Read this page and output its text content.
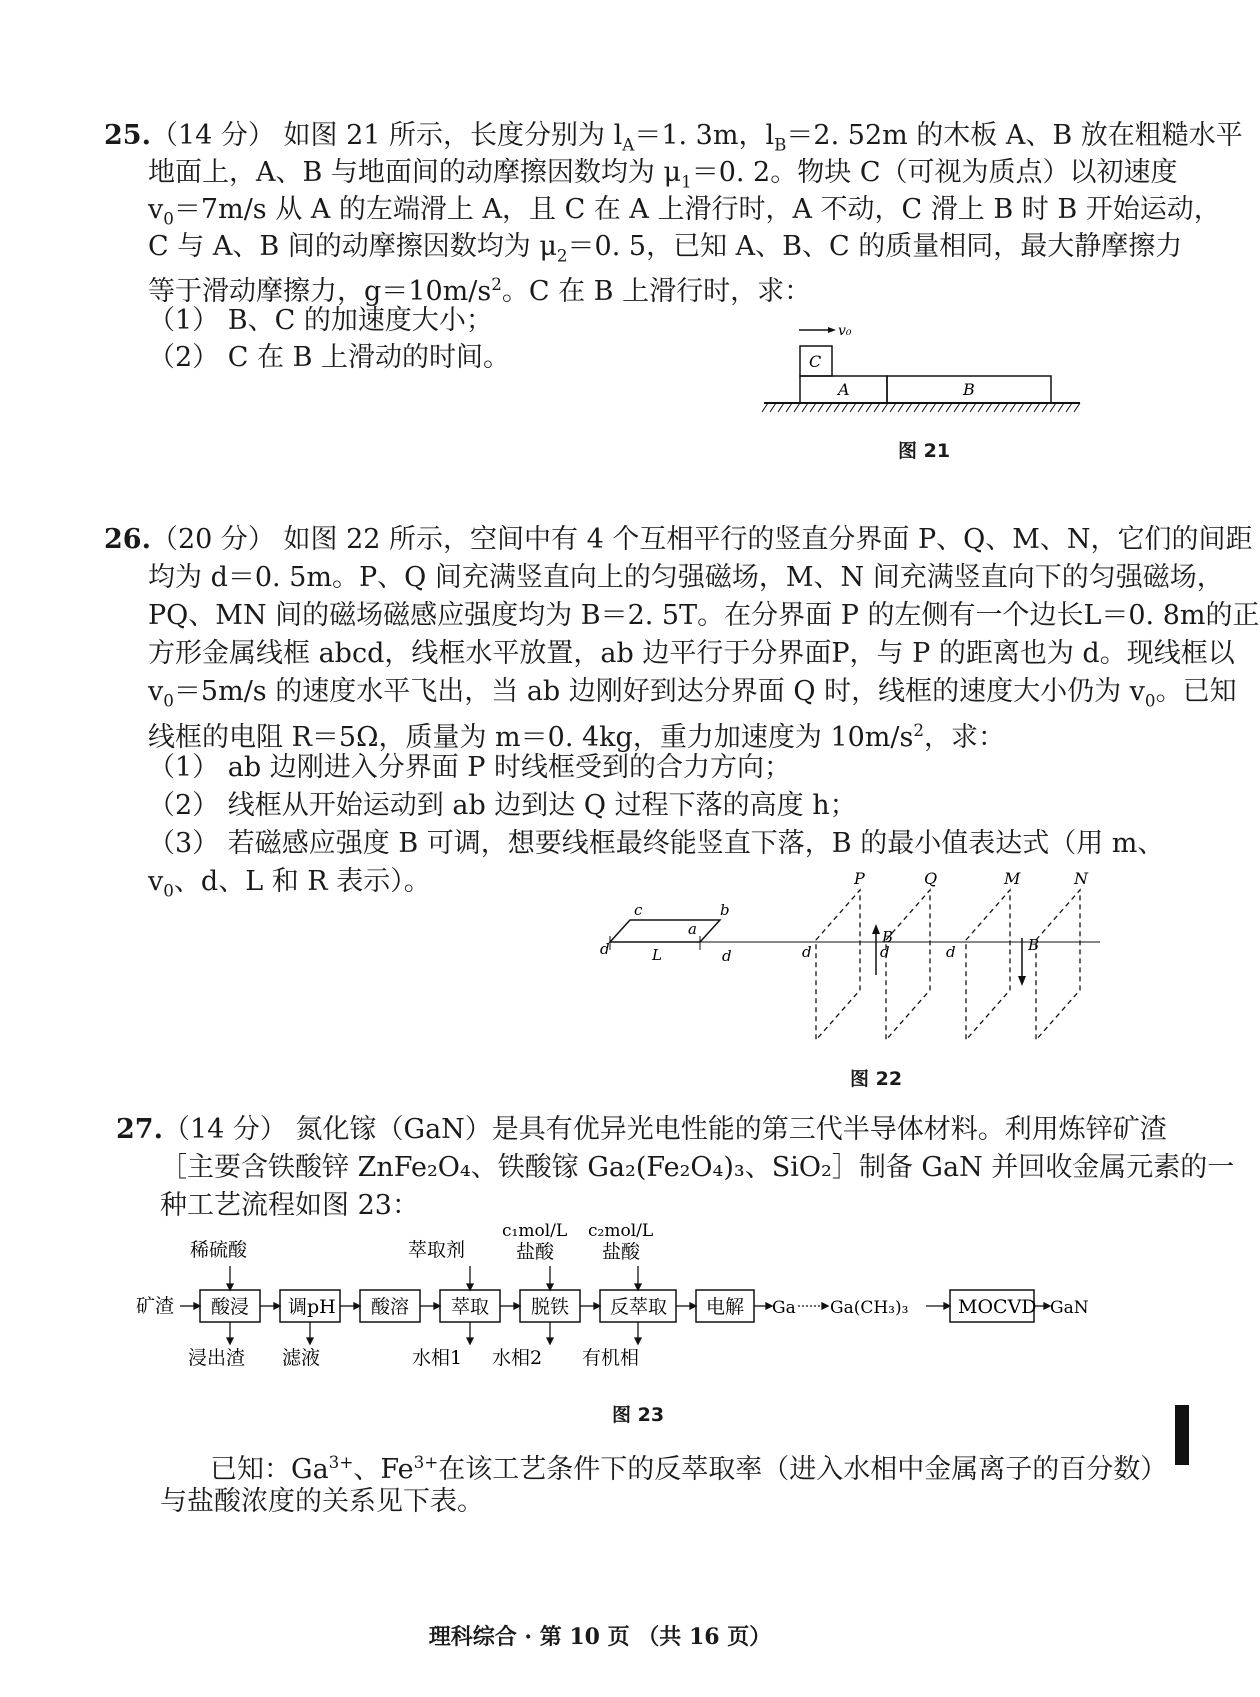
25.（14 分） 如图 21 所示，长度分别为 $l_A=1$. 3m，$l_B=2$. 52m 的木板 A、B 放在粗糙水平
地面上，A、B 与地面间的动摩擦因数均为 $\mu_1=0$. 2。物块 C（可视为质点）以初速度
$v_0=7m/s$ 从 A 的左端滑上 A，且 C 在 A 上滑行时，A 不动，C 滑上 B 时 B 开始运动，
C 与 A、B 间的动摩擦因数均为 $\mu_2=0$. 5，已知 A、B、C 的质量相同，最大静摩擦力
等于滑动摩擦力，$g=10m/s^2$。C 在 B 上滑行时，求：
（1） B、C 的加速度大小；
（2） C 在 B 上滑动的时间。
v₀
C
A	B
图 21
26.（20 分） 如图 22 所示，空间中有 4 个互相平行的竖直分界面 P、Q、M、N，它们的间距
均为 d＝0. 5m。P、Q 间充满竖直向上的匀强磁场，M、N 间充满竖直向下的匀强磁场，
PQ、MN 间的磁场磁感应强度均为 B＝2. 5T。在分界面 P 的左侧有一个边长L＝0. 8m的正
方形金属线框 abcd，线框水平放置，ab 边平行于分界面P，与 P 的距离也为 d。现线框以
$v_0=5m/s$ 的速度水平飞出，当 ab 边刚好到达分界面 Q 时，线框的速度大小仍为 $v_0$。已知
线框的电阻 R＝5Ω，质量为 m＝0. 4kg，重力加速度为 $10m/s^2$，求：
（1） ab 边刚进入分界面 P 时线框受到的合力方向；
（2） 线框从开始运动到 ab 边到达 Q 过程下落的高度 h；
（3） 若磁感应强度 B 可调，想要线框最终能竖直下落，B 的最小值表达式（用 m、
$v_0$、d、L 和 R 表示）。	P	Q	M	N
B	B
a
b
c
d	L	d	d	d	d
图 22
27.（14 分） 氮化镓（GaN）是具有优异光电性能的第三代半导体材料。利用炼锌矿渣
［主要含铁酸锌 ZnFe₂O₄、铁酸镓 Ga₂(Fe₂O₄)₃、SiO₂］制备 GaN 并回收金属元素的一
种工艺流程如图 23：
矿渣 酸浸 调pH 酸溶 萃取 脱铁 反萃取 电解	MOCVD
Ga Ga(CH₃)₃	GaN
稀硫酸	萃取剂
c₁mol/L
盐酸
c₂mol/L
盐酸
浸出渣 滤液	水相1 水相2 有机相
图 23
已知：$Ga^{3+}$、$Fe^{3+}$在该工艺条件下的反萃取率（进入水相中金属离子的百分数）
与盐酸浓度的关系见下表。
理科综合 · 第 10 页 （共 16 页）
